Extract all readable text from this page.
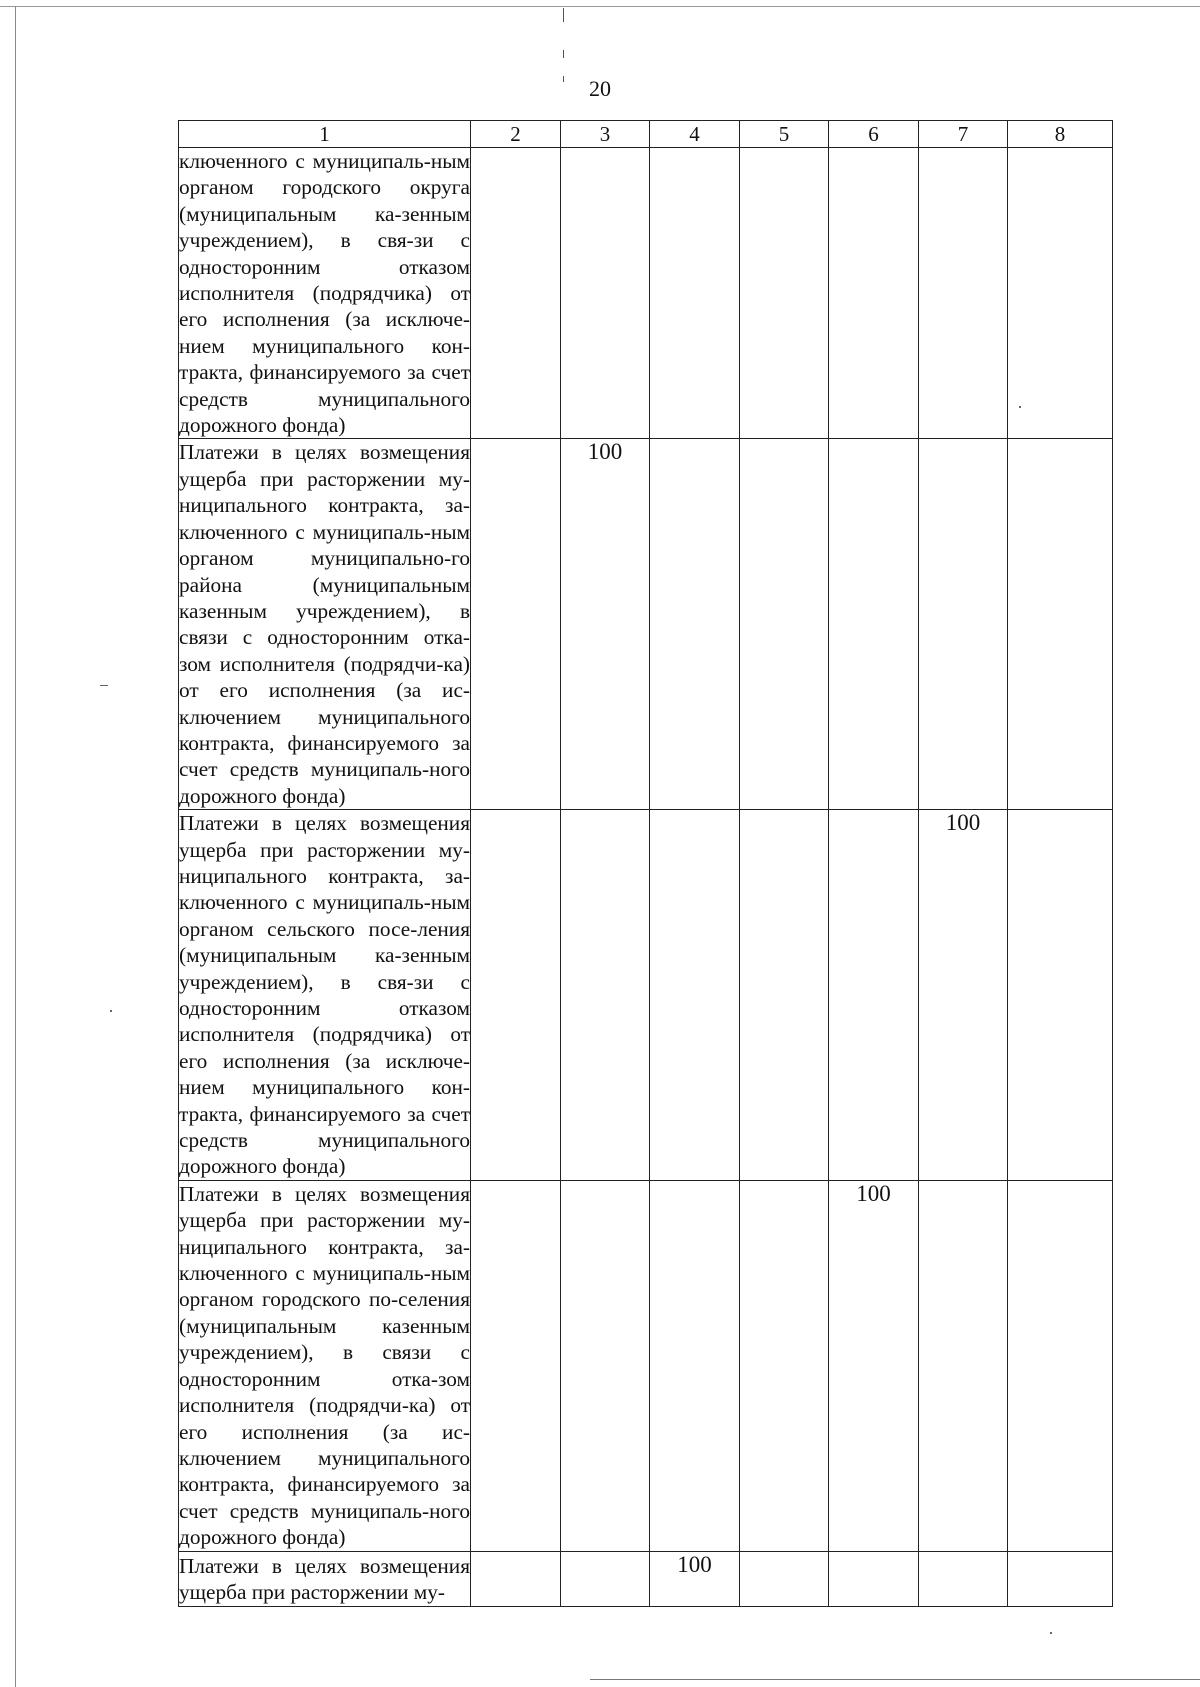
20
1	2	3	4	5	6	7	8
ключенного с муниципаль-ным органом городского округа (муниципальным ка-зенным учреждением), в свя-зи с односторонним отказом исполнителя (подрядчика) от его исполнения (за исключе-нием муниципального кон-тракта, финансируемого за счет средств муниципального дорожного фонда)							
Платежи в целях возмещения ущерба при расторжении му-ниципального контракта, за-ключенного с муниципаль-ным органом муниципально-го района (муниципальным казенным учреждением), в связи с односторонним отка-зом исполнителя (подрядчи-ка) от его исполнения (за ис-ключением муниципального контракта, финансируемого за счет средств муниципаль-ного дорожного фонда)		100					
Платежи в целях возмещения ущерба при расторжении му-ниципального контракта, за-ключенного с муниципаль-ным органом сельского посе-ления (муниципальным ка-зенным учреждением), в свя-зи с односторонним отказом исполнителя (подрядчика) от его исполнения (за исключе-нием муниципального кон-тракта, финансируемого за счет средств муниципального дорожного фонда)						100	
Платежи в целях возмещения ущерба при расторжении му-ниципального контракта, за-ключенного с муниципаль-ным органом городского по-селения (муниципальным казенным учреждением), в связи с односторонним отка-зом исполнителя (подрядчи-ка) от его исполнения (за ис-ключением муниципального контракта, финансируемого за счет средств муниципаль-ного дорожного фонда)					100		
Платежи в целях возмещения ущерба при расторжении му-			100				
